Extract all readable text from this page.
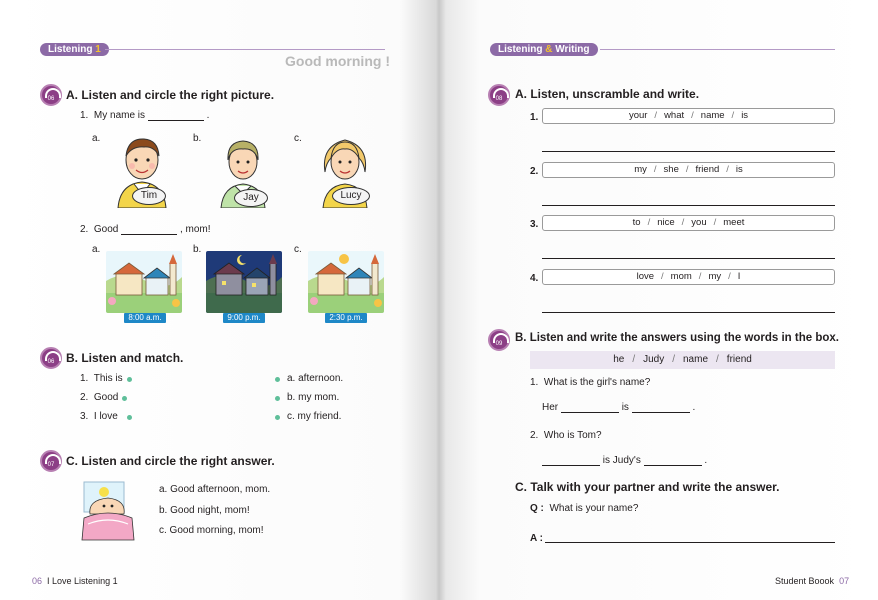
Listening 1
Good morning !
06 A. Listen and circle the right picture.
1. My name is	.
a.	b.	c.
Tim	Jay	Lucy
2. Good	, mom!
a.	b.	c.
8:00 a.m.	9:00 p.m.	2:30 p.m.
06 B. Listen and match.
1. This is
2. Good
3. I love
a. afternoon.
b. my mom.
c. my friend.
07 C. Listen and circle the right answer.
a. Good afternoon, mom.
b. Good night, mom!
c. Good morning, mom!
06 I Love Listening 1
Listening & Writing
08	A. Listen, unscramble and write.
1.	your / what / name / is
2.	my / she / friend / is
3.	to / nice / you / meet
4.	love / mom / my / I
09	B. Listen and write the answers using the words in the box.
he / Judy / name / friend
1. What is the girl's name?
Her	is	.
2. Who is Tom?
is Judy's	.
C. Talk with your partner and write the answer.
Q : What is your name?
A :
Student Boook 07
